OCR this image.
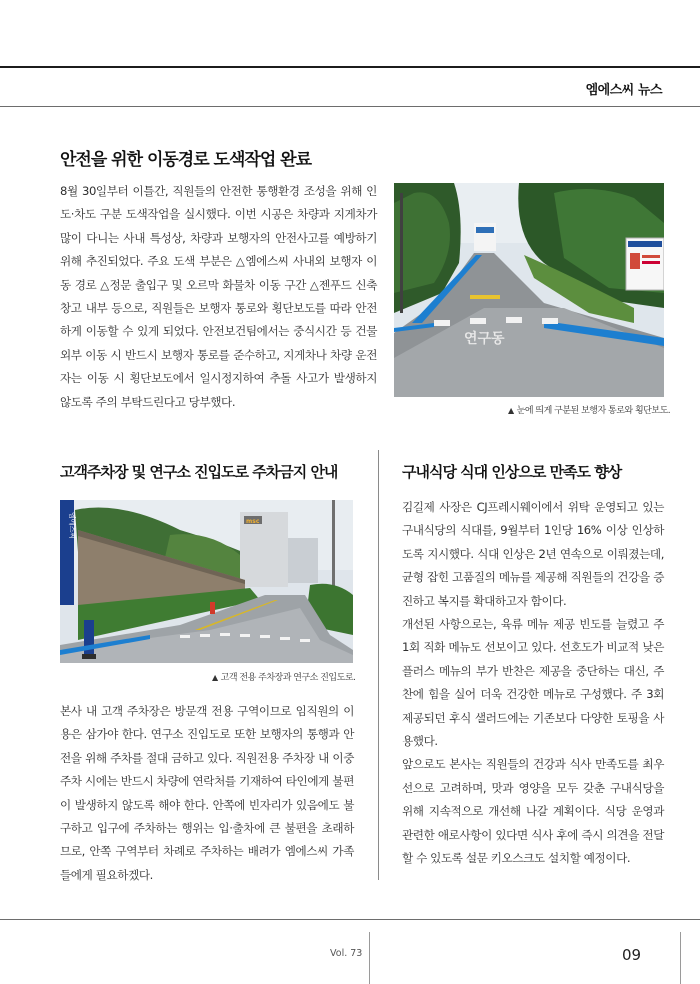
엠에스씨 뉴스
안전을 위한 이동경로 도색작업 완료

8월 30일부터 이틀간, 직원들의 안전한 통행환경 조성을 위해 인도·차도 구분 도색작업을 실시했다. 이번 시공은 차량과 지게차가 많이 다니는 사내 특성상, 차량과 보행자의 안전사고를 예방하기 위해 추진되었다. 주요 도색 부분은 △엠에스씨 사내외 보행자 이동 경로 △정문 출입구 및 오르막 화물차 이동 구간 △젠푸드 신축창고 내부 등으로, 직원들은 보행자 통로와 횡단보도를 따라 안전하게 이동할 수 있게 되었다. 안전보건팀에서는 중식시간 등 건물 외부 이동 시 반드시 보행자 통로를 준수하고, 지게차나 차량 운전자는 이동 시 횡단보도에서 일시정지하여 추돌 사고가 발생하지 않도록 주의 부탁드린다고 당부했다.

연구동
▲ 눈에 띄게 구분된 보행자 통로와 횡단보도.
고객주차장 및 연구소 진입도로 주차금지 안내
msc
엠에스씨
▲ 고객 전용 주차장과 연구소 진입도로.

본사 내 고객 주차장은 방문객 전용 구역이므로 임직원의 이용은 삼가야 한다. 연구소 진입도로 또한 보행자의 통행과 안전을 위해 주차를 절대 금하고 있다. 직원전용 주차장 내 이중주차 시에는 반드시 차량에 연락처를 기재하여 타인에게 불편이 발생하지 않도록 해야 한다. 안쪽에 빈자리가 있음에도 불구하고 입구에 주차하는 행위는 입·출차에 큰 불편을 초래하므로, 안쪽 구역부터 차례로 주차하는 배려가 엠에스씨 가족들에게 필요하겠다.

구내식당 식대 인상으로 만족도 향상
김길제 사장은 CJ프레시웨이에서 위탁 운영되고 있는 구내식당의 식대를, 9월부터 1인당 16% 이상 인상하도록 지시했다. 식대 인상은 2년 연속으로 이뤄졌는데, 균형 잡힌 고품질의 메뉴를 제공해 직원들의 건강을 증진하고 복지를 확대하고자 함이다.
개선된 사항으로는, 육류 메뉴 제공 빈도를 늘렸고 주 1회 직화 메뉴도 선보이고 있다. 선호도가 비교적 낮은 플러스 메뉴의 부가 반찬은 제공을 중단하는 대신, 주찬에 힘을 실어 더욱 건강한 메뉴로 구성했다. 주 3회 제공되던 후식 샐러드에는 기존보다 다양한 토핑을 사용했다.
앞으로도 본사는 직원들의 건강과 식사 만족도를 최우선으로 고려하며, 맛과 영양을 모두 갖춘 구내식당을 위해 지속적으로 개선해 나갈 계획이다. 식당 운영과 관련한 애로사항이 있다면 식사 후에 즉시 의견을 전달할 수 있도록 설문 키오스크도 설치할 예정이다.
Vol. 73	09
